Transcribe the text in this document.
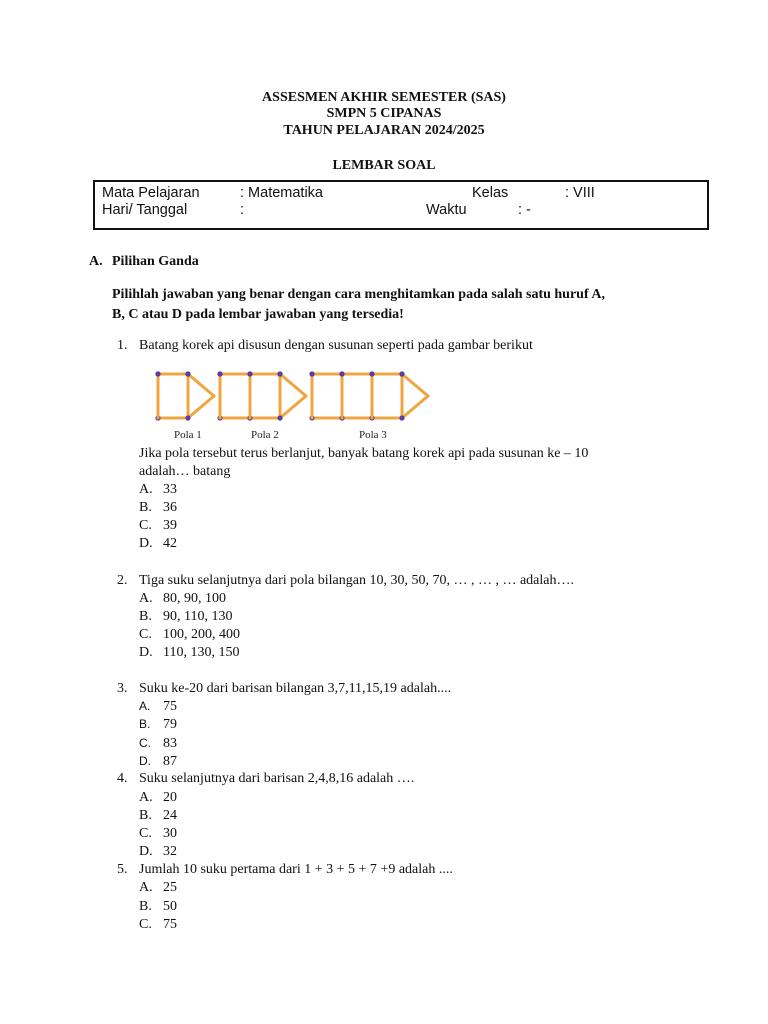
ASSESMEN AKHIR SEMESTER (SAS)
SMPN 5 CIPANAS
TAHUN PELAJARAN 2024/2025
LEMBAR SOAL
Mata Pelajaran	: Matematika	Kelas	: VIII
Hari/ Tanggal	:	Waktu	: -
A. Pilihan Ganda
Pilihlah jawaban yang benar dengan cara menghitamkan pada salah satu huruf A,
B, C atau D pada lembar jawaban yang tersedia!
1. Batang korek api disusun dengan susunan seperti pada gambar berikut
Pola 1	Pola 2	Pola 3
Jika pola tersebut terus berlanjut, banyak batang korek api pada susunan ke – 10
adalah… batang
A. 33
B. 36
C. 39
D. 42
2. Tiga suku selanjutnya dari pola bilangan 10, 30, 50, 70, … , … , … adalah….
A. 80, 90, 100
B. 90, 110, 130
C. 100, 200, 400
D. 110, 130, 150
3. Suku ke-20 dari barisan bilangan 3,7,11,15,19 adalah....
A. 75
B. 79
C. 83
D. 87
4. Suku selanjutnya dari barisan 2,4,8,16 adalah ….
A. 20
B. 24
C. 30
D. 32
5. Jumlah 10 suku pertama dari 1 + 3 + 5 + 7 +9 adalah ....
A. 25
B. 50
C. 75
